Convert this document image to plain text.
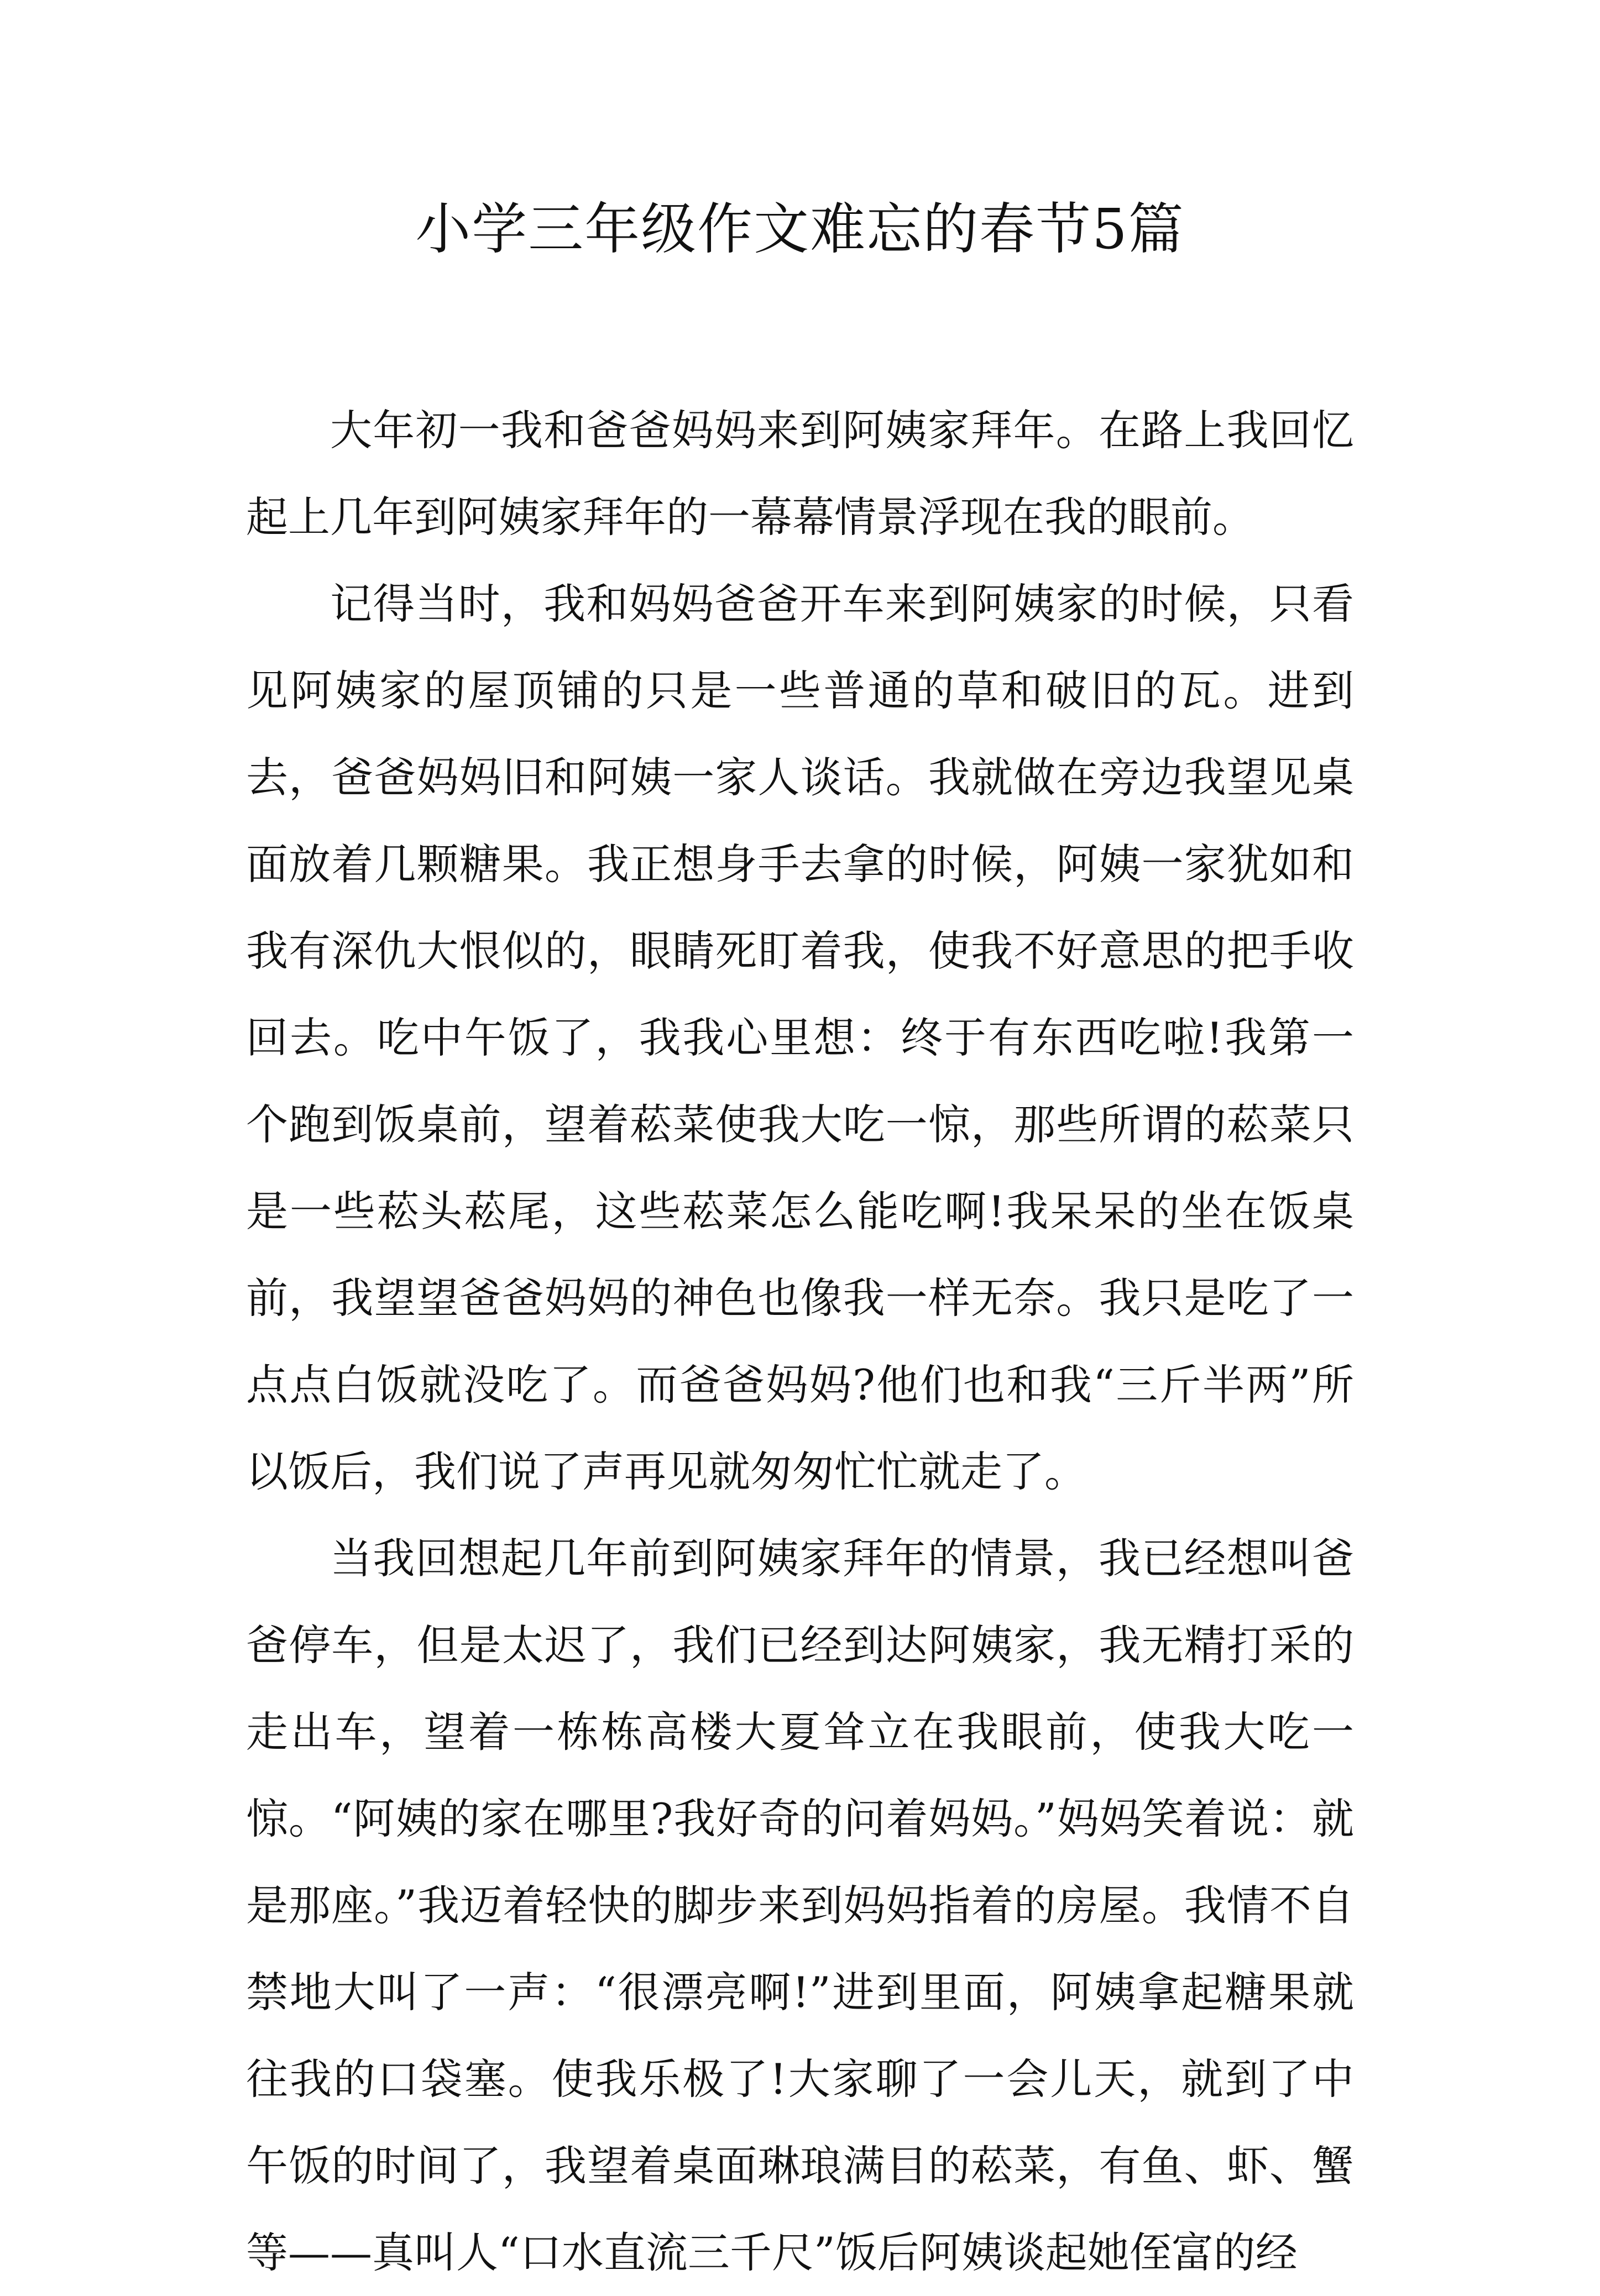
小学三年级作文难忘的春节5篇

大年初一我和爸爸妈妈来到阿姨家拜年。在路上我回忆起上几年到阿姨家拜年的一幕幕情景浮现在我的眼前。

记得当时，我和妈妈爸爸开车来到阿姨家的时候，只看见阿姨家的屋顶铺的只是一些普通的草和破旧的瓦。进到去，爸爸妈妈旧和阿姨一家人谈话。我就做在旁边我望见桌面放着几颗糖果。我正想身手去拿的时候，阿姨一家犹如和我有深仇大恨似的，眼睛死盯着我，使我不好意思的把手收回去。吃中午饭了，我我心里想：终于有东西吃啦!我第一个跑到饭桌前，望着菘菜使我大吃一惊，那些所谓的菘菜只是一些菘头菘尾，这些菘菜怎么能吃啊!我呆呆的坐在饭桌前，我望望爸爸妈妈的神色也像我一样无奈。我只是吃了一点点白饭就没吃了。而爸爸妈妈?他们也和我“三斤半两”所以饭后，我们说了声再见就匆匆忙忙就走了。

当我回想起几年前到阿姨家拜年的情景，我已经想叫爸爸停车，但是太迟了，我们已经到达阿姨家，我无精打采的走出车，望着一栋栋高楼大夏耸立在我眼前，使我大吃一惊。“阿姨的家在哪里?我好奇的问着妈妈。”妈妈笑着说：就是那座。”我迈着轻快的脚步来到妈妈指着的房屋。我情不自禁地大叫了一声：“很漂亮啊!”进到里面，阿姨拿起糖果就往我的口袋塞。使我乐极了!大家聊了一会儿天，就到了中午饭的时间了，我望着桌面琳琅满目的菘菜，有鱼、虾、蟹等——真叫人“口水直流三千尺”饭后阿姨谈起她侄富的经
